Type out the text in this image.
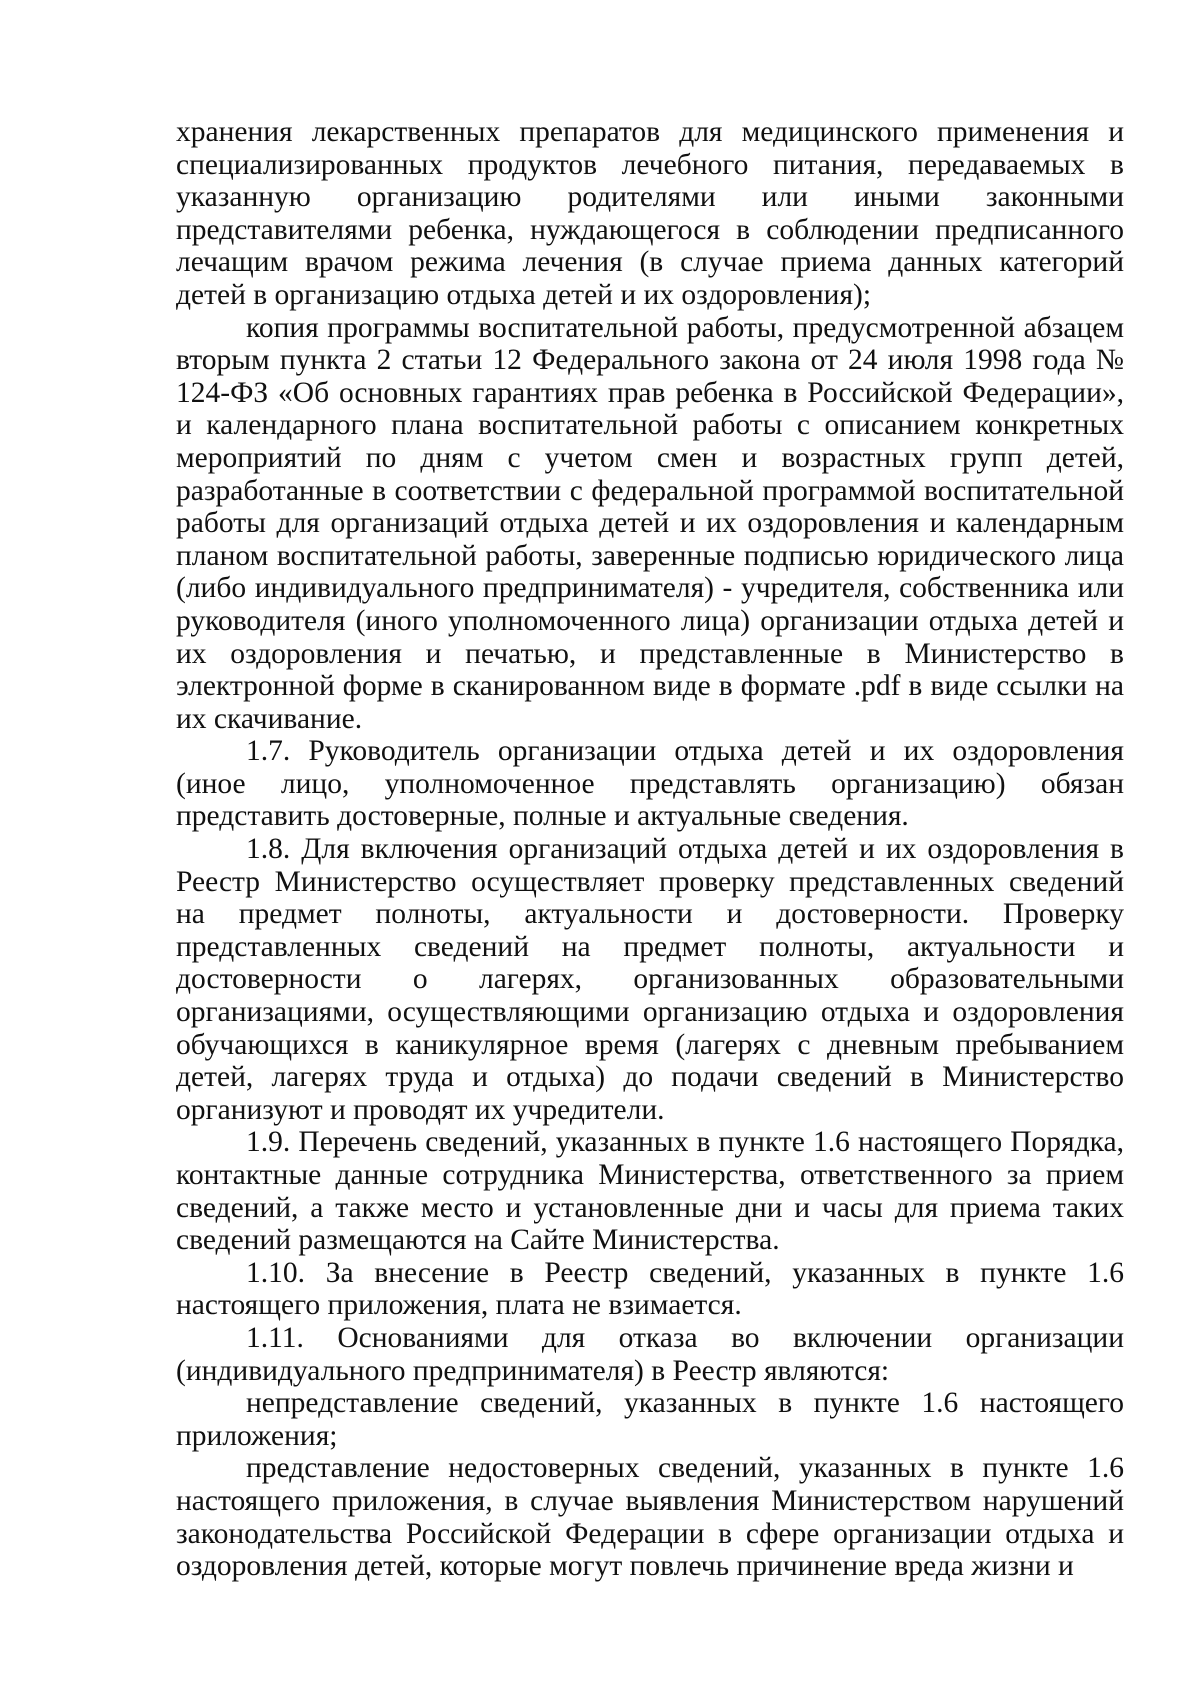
хранения лекарственных препаратов для медицинского применения и специализированных продуктов лечебного питания, передаваемых в указанную организацию родителями или иными законными представителями ребенка, нуждающегося в соблюдении предписанного лечащим врачом режима лечения (в случае приема данных категорий детей в организацию отдыха детей и их оздоровления);

копия программы воспитательной работы, предусмотренной абзацем вторым пункта 2 статьи 12 Федерального закона от 24 июля 1998 года № 124-ФЗ «Об основных гарантиях прав ребенка в Российской Федерации», и календарного плана воспитательной работы с описанием конкретных мероприятий по дням с учетом смен и возрастных групп детей, разработанные в соответствии с федеральной программой воспитательной работы для организаций отдыха детей и их оздоровления и календарным планом воспитательной работы, заверенные подписью юридического лица (либо индивидуального предпринимателя) - учредителя, собственника или руководителя (иного уполномоченного лица) организации отдыха детей и их оздоровления и печатью, и представленные в Министерство в электронной форме в сканированном виде в формате .pdf в виде ссылки на их скачивание.

1.7. Руководитель организации отдыха детей и их оздоровления (иное лицо, уполномоченное представлять организацию) обязан представить достоверные, полные и актуальные сведения.

1.8. Для включения организаций отдыха детей и их оздоровления в Реестр Министерство осуществляет проверку представленных сведений на предмет полноты, актуальности и достоверности. Проверку представленных сведений на предмет полноты, актуальности и достоверности о лагерях, организованных образовательными организациями, осуществляющими организацию отдыха и оздоровления обучающихся в каникулярное время (лагерях с дневным пребыванием детей, лагерях труда и отдыха) до подачи сведений в Министерство организуют и проводят их учредители.

1.9. Перечень сведений, указанных в пункте 1.6 настоящего Порядка, контактные данные сотрудника Министерства, ответственного за прием сведений, а также место и установленные дни и часы для приема таких сведений размещаются на Сайте Министерства.

1.10. За внесение в Реестр сведений, указанных в пункте 1.6 настоящего приложения, плата не взимается.

1.11. Основаниями для отказа во включении организации (индивидуального предпринимателя) в Реестр являются:

непредставление сведений, указанных в пункте 1.6 настоящего приложения;

представление недостоверных сведений, указанных в пункте 1.6 настоящего приложения, в случае выявления Министерством нарушений законодательства Российской Федерации в сфере организации отдыха и оздоровления детей, которые могут повлечь причинение вреда жизни и
